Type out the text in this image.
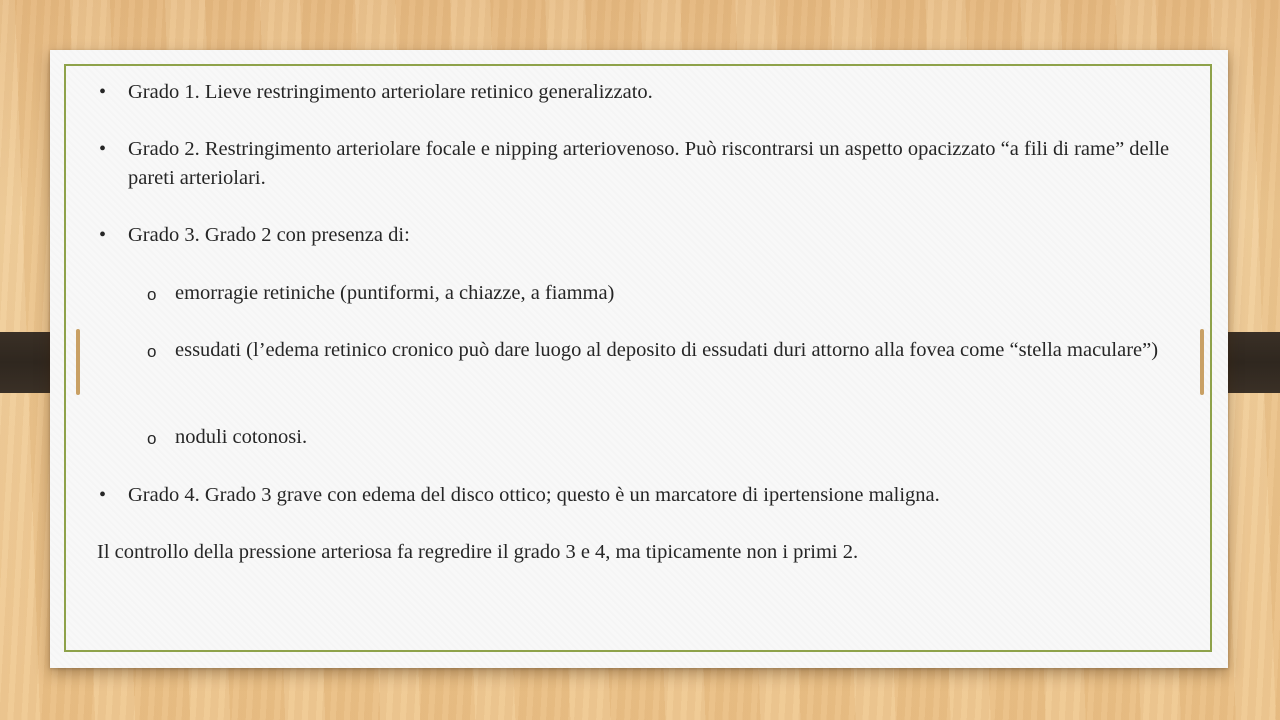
• Grado 1. Lieve restringimento arteriolare retinico generalizzato.
• Grado 2. Restringimento arteriolare focale e nipping arteriovenoso. Può riscontrarsi un aspetto opacizzato “a fili di rame” delle pareti arteriolari.
• Grado 3. Grado 2 con presenza di:
o emorragie retiniche (puntiformi, a chiazze, a fiamma)
o essudati (l’edema retinico cronico può dare luogo al deposito di essudati duri attorno alla fovea come “stella maculare”)
o noduli cotonosi.
• Grado 4. Grado 3 grave con edema del disco ottico; questo è un marcatore di ipertensione maligna.
Il controllo della pressione arteriosa fa regredire il grado 3 e 4, ma tipicamente non i primi 2.
